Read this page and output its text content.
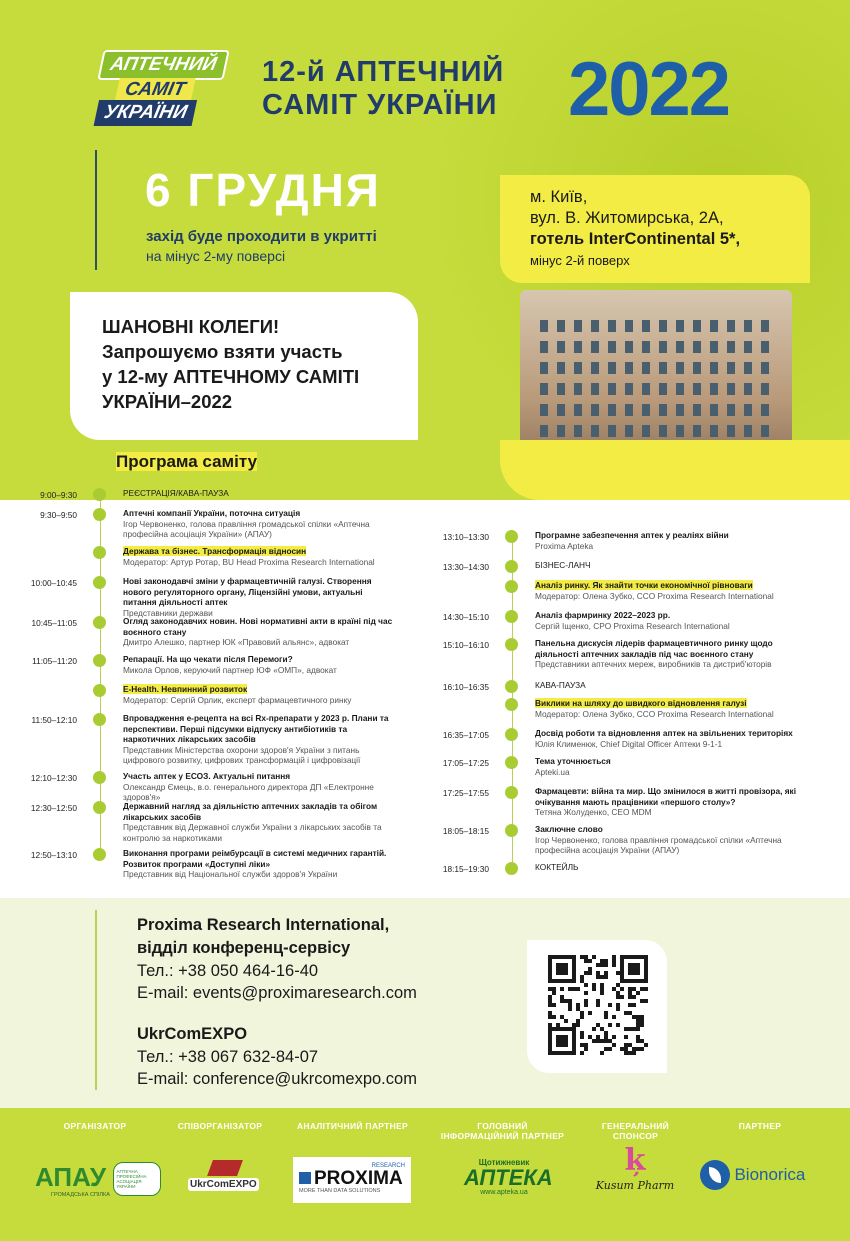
АПТЕЧНИЙ
САМІТ
УКРАЇНИ
12-й АПТЕЧНИЙ
САМІТ УКРАЇНИ 2022
6 ГРУДНЯ
захід буде проходити в укритті
на мінус 2-му поверсі
м. Київ,
вул. В. Житомирська, 2А,
готель InterContinental 5*,
мінус 2-й поверх
ШАНОВНІ КОЛЕГИ!
Запрошуємо взяти участь
у 12-му АПТЕЧНОМУ САМІТІ
УКРАЇНИ–2022
Програма саміту
9:00–9:30	РЕЄСТРАЦІЯ/КАВА-ПАУЗА
9:30–9:50	Аптечні компанії України, поточна ситуація
Ігор Червоненко, голова правління громадської спілки «Аптечна професійна асоціація України» (АПАУ)
Держава та бізнес. Трансформація відносин
Модератор: Артур Ротар, BU Head Proxima Research International
10:00–10:45	Нові законодавчі зміни у фармацевтичній галузі. Створення нового регуляторного органу, Ліцензійні умови, актуальні питання діяльності аптек
Представники держави
10:45–11:05	Огляд законодавчих новин. Нові нормативні акти в країні під час воєнного стану
Дмитро Алешко, партнер ЮК «Правовий альянс», адвокат
11:05–11:20	Репарації. На що чекати після Перемоги?
Микола Орлов, керуючий партнер ЮФ «ОМП», адвокат
E-Health. Невпинний розвиток
Модератор: Сергій Орлик, експерт фармацевтичного ринку
11:50–12:10	Впровадження е-рецепта на всі Rx-препарати у 2023 р. Плани та перспективи. Перші підсумки відпуску антибіотиків та наркотичних лікарських засобів
Представник Міністерства охорони здоров'я України з питань цифрового розвитку, цифрових трансформацій і цифровізації
12:10–12:30	Участь аптек у ЕСОЗ. Актуальні питання
Олександр Ємець, в.о. генерального директора ДП «Електронне здоров'я»
12:30–12:50	Державний нагляд за діяльністю аптечних закладів та обігом лікарських засобів
Представник від Державної служби України з лікарських засобів та контролю за наркотиками
12:50–13:10	Виконання програми реімбурсації в системі медичних гарантій. Розвиток програми «Доступні ліки»
Представник від Національної служби здоров'я України
13:10–13:30	Програмне забезпечення аптек у реаліях війни
Proxima Apteka
13:30–14:30	БІЗНЕС-ЛАНЧ
Аналіз ринку. Як знайти точки економічної рівноваги
Модератор: Олена Зубко, CCO Proxima Research International
14:30–15:10	Аналіз фармринку 2022–2023 рр.
Сергій Іщенко, CPO Proxima Research International
15:10–16:10	Панельна дискусія лідерів фармацевтичного ринку щодо діяльності аптечних закладів під час воєнного стану
Представники аптечних мереж, виробників та дистриб'юторів
16:10–16:35	КАВА-ПАУЗА
Виклики на шляху до швидкого відновлення галузі
Модератор: Олена Зубко, CCO Proxima Research International
16:35–17:05	Досвід роботи та відновлення аптек на звільнених територіях
Юлія Клименюк, Chief Digital Officer Аптеки 9-1-1
17:05–17:25	Тема уточнюється
Apteki.ua
17:25–17:55	Фармацевти: війна та мир. Що змінилося в житті провізора, які очікування мають працівники «першого столу»?
Тетяна Жолуденко, CEO MDM
18:05–18:15	Заключне слово
Ігор Червоненко, голова правління громадської спілки «Аптечна професійна асоціація України (АПАУ)
18:15–19:30	КОКТЕЙЛЬ
Proxima Research International,
відділ конференц-сервісу
Тел.: +38 050 464-16-40
E-mail: events@proximaresearch.com
UkrComEXPO
Тел.: +38 067 632-84-07
E-mail: conference@ukrcomexpo.com
ОРГАНІЗАТОР	СПІВОРГАНІЗАТОР	АНАЛІТИЧНИЙ ПАРТНЕР	ГОЛОВНИЙ ІНФОРМАЦІЙНИЙ ПАРТНЕР
ГЕНЕРАЛЬНИЙ СПОНСОР
ПАРТНЕР
АПАУ АПТЕЧНА ПРОФЕСІЙНА АСОЦІАЦІЯ УКРАЇНИ
ГРОМАДСЬКА СПІЛКА
UkrComEXPO
RESEARCH
PROXIMA
MORE THAN DATA SOLUTIONS
Щотижневик
АПТЕКА
www.apteka.ua
ķ
Kusum Pharm
Bionorica
